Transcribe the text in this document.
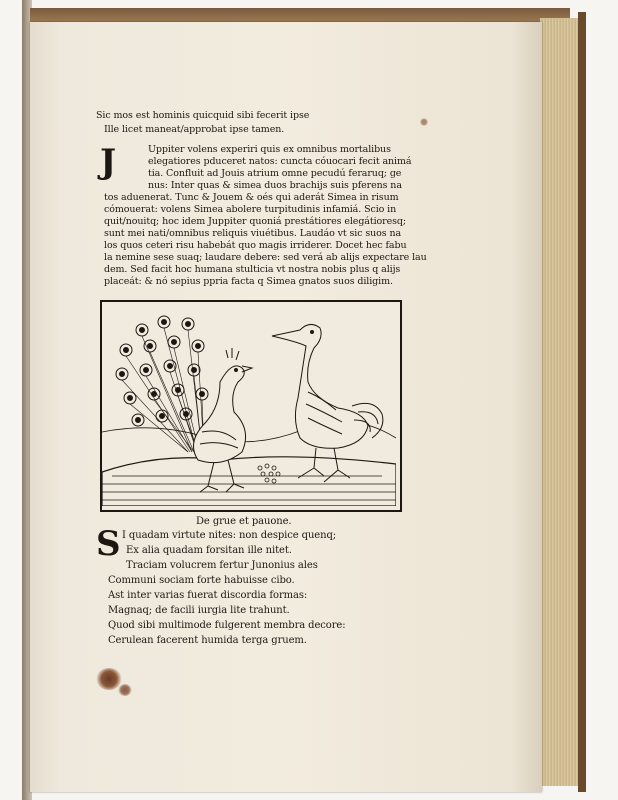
Sic mos est hominis quicquid sibi fecerit ipse
Ille licet maneat/approbat ipse tamen.
Uppiter volens experiri quis ex omnibus mortalibus
elegatiores pduceret natos: cuncta cóuocari fecit animá
tia. Confluit ad Jouis atrium omne pecudú feraruq; ge
nus: Inter quas & simea duos brachijs suis pferens na
tos aduenerat. Tunc & Jouem & oés qui aderát Simea in risum
cómouerat: volens Simea abolere turpitudinis infamiá. Scio in
quit/nouitq; hoc idem Juppiter quoniá prestátiores elegátioresq;
sunt mei nati/omnibus reliquis viuétibus. Laudáo vt sic suos na
los quos ceteri risu habebát quo magis irriderer. Docet hec fabu
la nemine sese suaq; laudare debere: sed verá ab alijs expectare lau
dem. Sed facit hoc humana stulticia vt nostra nobis plus q alijs
placeát: & nó sepius ppria facta q Simea gnatos suos diligim.
J
De grue et pauone.
I quadam virtute nites: non despice quenq;
Ex alia quadam forsitan ille nitet.
Traciam volucrem fertur Junonius ales
Communi sociam forte habuisse cibo.
Ast inter varias fuerat discordia formas:
Magnaq; de facili iurgia lite trahunt.
Quod sibi multimode fulgerent membra decore:
Cerulean facerent humida terga gruem.
S
